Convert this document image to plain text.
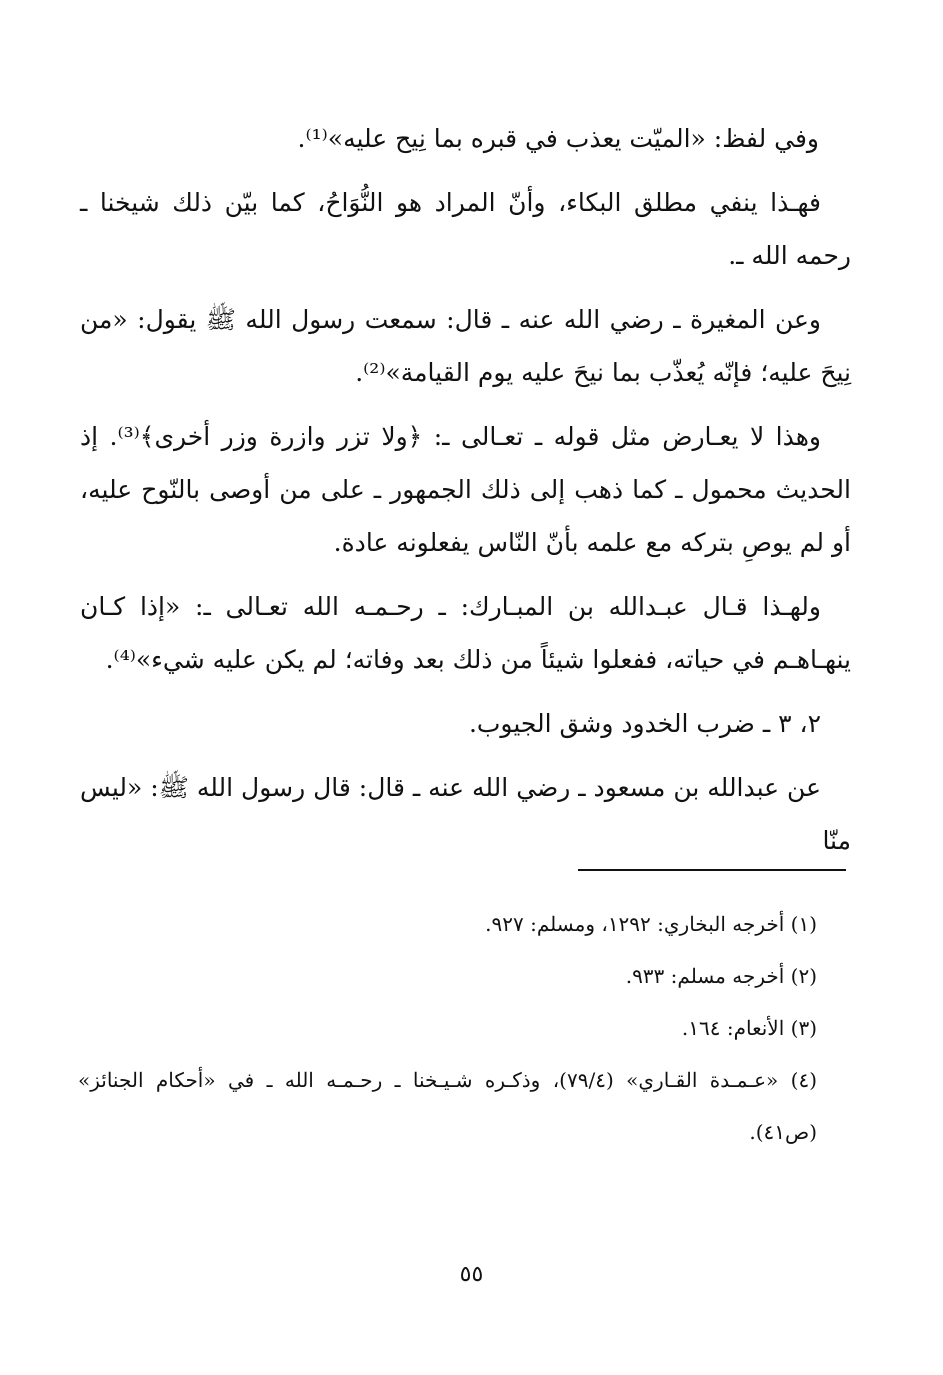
وفي لفظ: «الميّت يعذب في قبره بما نِيح عليه»⁽¹⁾.

فهـذا ينفي مطلق البكاء، وأنّ المراد هو النُّوَاحُ، كما بيّن ذلك شيخنا ـ رحمه الله ـ.

وعن المغيرة ـ رضي الله عنه ـ قال: سمعت رسول الله ﷺ يقول: «من نِيحَ عليه؛ فإنّه يُعذّب بما نيحَ عليه يوم القيامة»⁽²⁾.

وهذا لا يعـارض مثل قوله ـ تعـالى ـ: ﴿ولا تزر وازرة وزر أخرى﴾⁽³⁾. إذ الحديث محمول ـ كما ذهب إلى ذلك الجمهور ـ على من أوصى بالنّوح عليه، أو لم يوصِ بتركه مع علمه بأنّ النّاس يفعلونه عادة.

ولهـذا قـال عبـدالله بن المبـارك: ـ رحـمـه الله تعـالى ـ: «إذا كـان ينهـاهـم في حياته، ففعلوا شيئاً من ذلك بعد وفاته؛ لم يكن عليه شيء»⁽⁴⁾.

٢، ٣ ـ ضرب الخدود وشق الجيوب.

عن عبدالله بن مسعود ـ رضي الله عنه ـ قال: قال رسول الله ﷺ: «ليس منّا

(١) أخرجه البخاري: ١٢٩٢، ومسلم: ٩٢٧.

(٢) أخرجه مسلم: ٩٣٣.

(٣) الأنعام: ١٦٤.

(٤) «عـمـدة القـاري» (٧٩/٤)، وذكـره شـيـخنا ـ رحـمـه الله ـ في «أحكام الجنائز» (ص٤١).

٥٥
